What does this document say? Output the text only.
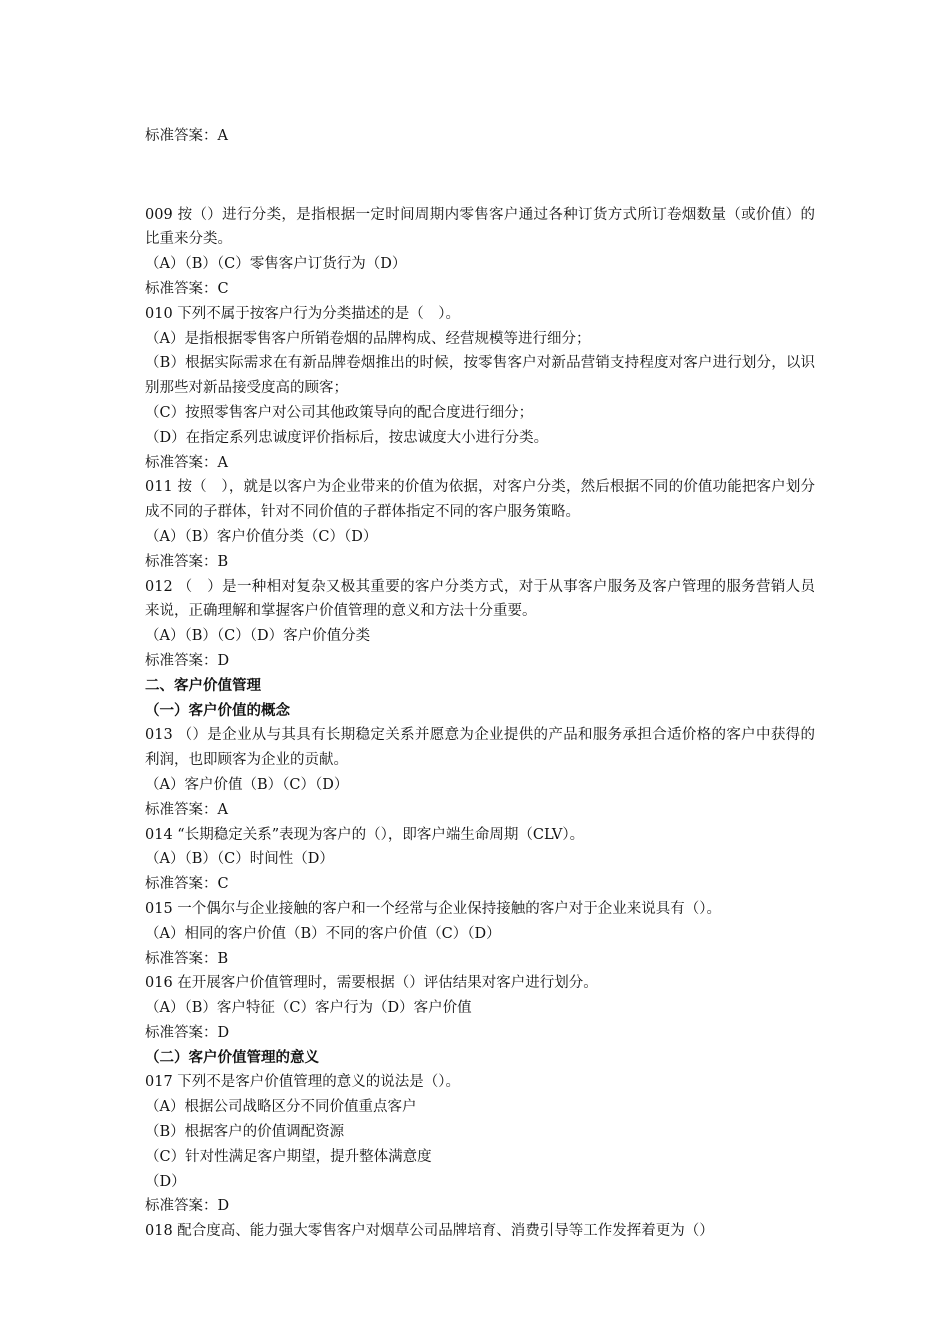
标准答案：A

009 按（）进行分类，是指根据一定时间周期内零售客户通过各种订货方式所订卷烟数量（或价值）的比重来分类。

（A）（B）（C）零售客户订货行为（D）

标准答案：C

010 下列不属于按客户行为分类描述的是（　）。

（A）是指根据零售客户所销卷烟的品牌构成、经营规模等进行细分；

（B）根据实际需求在有新品牌卷烟推出的时候，按零售客户对新品营销支持程度对客户进行划分，以识别那些对新品接受度高的顾客；

（C）按照零售客户对公司其他政策导向的配合度进行细分；

（D）在指定系列忠诚度评价指标后，按忠诚度大小进行分类。

标准答案：A

011 按（　），就是以客户为企业带来的价值为依据，对客户分类，然后根据不同的价值功能把客户划分成不同的子群体，针对不同价值的子群体指定不同的客户服务策略。

（A）（B）客户价值分类（C）（D）

标准答案：B

012 （　）是一种相对复杂又极其重要的客户分类方式，对于从事客户服务及客户管理的服务营销人员来说，正确理解和掌握客户价值管理的意义和方法十分重要。

（A）（B）（C）（D）客户价值分类

标准答案：D

二、客户价值管理

（一）客户价值的概念

013 （）是企业从与其具有长期稳定关系并愿意为企业提供的产品和服务承担合适价格的客户中获得的利润，也即顾客为企业的贡献。

（A）客户价值（B）（C）（D）

标准答案：A

014 “长期稳定关系”表现为客户的（），即客户端生命周期（CLV）。

（A）（B）（C）时间性（D）

标准答案：C

015 一个偶尔与企业接触的客户和一个经常与企业保持接触的客户对于企业来说具有（）。

（A）相同的客户价值（B）不同的客户价值（C）（D）

标准答案：B

016 在开展客户价值管理时，需要根据（）评估结果对客户进行划分。

（A）（B）客户特征（C）客户行为（D）客户价值

标准答案：D

（二）客户价值管理的意义

017 下列不是客户价值管理的意义的说法是（）。

（A）根据公司战略区分不同价值重点客户

（B）根据客户的价值调配资源

（C）针对性满足客户期望，提升整体满意度

（D）

标准答案：D

018 配合度高、能力强大零售客户对烟草公司品牌培育、消费引导等工作发挥着更为（）
